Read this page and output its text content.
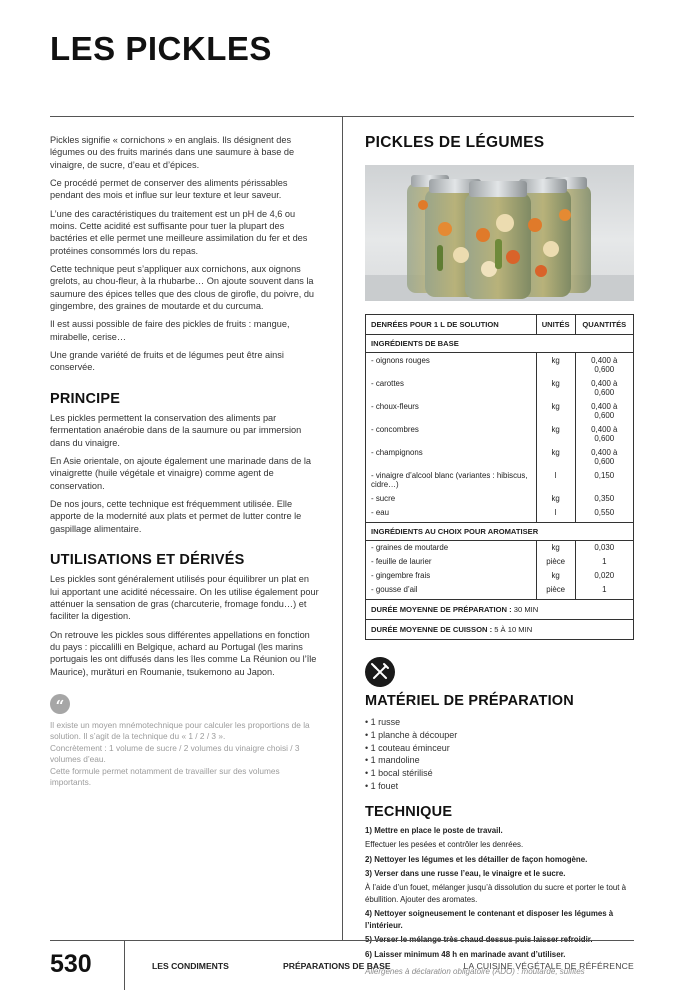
LES PICKLES

Pickles signifie « cornichons » en anglais. Ils désignent des légumes ou des fruits marinés dans une saumure à base de vinaigre, de sucre, d’eau et d’épices.

Ce procédé permet de conserver des aliments périssables pendant des mois et influe sur leur texture et leur saveur.

L’une des caractéristiques du traitement est un pH de 4,6 ou moins. Cette acidité est suffisante pour tuer la plupart des bactéries et elle permet une meilleure assimilation du fer et des protéines consommés lors du repas.

Cette technique peut s’appliquer aux cornichons, aux oignons grelots, au chou-fleur, à la rhubarbe… On ajoute souvent dans la saumure des épices telles que des clous de girofle, du poivre, du gingembre, des graines de moutarde et du curcuma.

Il est aussi possible de faire des pickles de fruits : mangue, mirabelle, cerise…

Une grande variété de fruits et de légumes peut être ainsi conservée.

PRINCIPE

Les pickles permettent la conservation des aliments par fermentation anaérobie dans de la saumure ou par immersion dans du vinaigre.

En Asie orientale, on ajoute également une marinade dans de la vinaigrette (huile végétale et vinaigre) comme agent de conservation.

De nos jours, cette technique est fréquemment utilisée. Elle apporte de la modernité aux plats et permet de lutter contre le gaspillage alimentaire.

UTILISATIONS ET DÉRIVÉS

Les pickles sont généralement utilisés pour équilibrer un plat en lui apportant une acidité nécessaire. On les utilise également pour atténuer la sensation de gras (charcuterie, fromage fondu…) et faciliter la digestion.

On retrouve les pickles sous différentes appellations en fonction du pays : piccalilli en Belgique, achard au Portugal (les marins portugais les ont diffusés dans les îles comme La Réunion ou l’île Maurice), murături en Roumanie, tsukemono au Japon.

“
Il existe un moyen mnémotechnique pour calculer les proportions de la solution. Il s’agit de la technique du « 1 / 2 / 3 ».
Concrètement : 1 volume de sucre / 2 volumes du vinaigre choisi / 3 volumes d’eau.
Cette formule permet notamment de travailler sur des volumes importants.
PICKLES DE LÉGUMES
DENRÉES POUR 1 L DE SOLUTION	UNITÉS	QUANTITÉS
INGRÉDIENTS DE BASE		
- oignons rouges	kg	0,400 à 0,600
- carottes	kg	0,400 à 0,600
- choux-fleurs	kg	0,400 à 0,600
- concombres	kg	0,400 à 0,600
- champignons	kg	0,400 à 0,600
- vinaigre d’alcool blanc (variantes : hibiscus, cidre…)	l	0,150
- sucre	kg	0,350
- eau	l	0,550
INGRÉDIENTS AU CHOIX POUR AROMATISER		
- graines de moutarde	kg	0,030
- feuille de laurier	pièce	1
- gingembre frais	kg	0,020
- gousse d’ail	pièce	1
DURÉE MOYENNE DE PRÉPARATION : 30 MIN		
DURÉE MOYENNE DE CUISSON : 5 À 10 MIN		
MATÉRIEL DE PRÉPARATION
• 1 russe
• 1 planche à découper
• 1 couteau éminceur
• 1 mandoline
• 1 bocal stérilisé
• 1 fouet
TECHNIQUE

1) Mettre en place le poste de travail.

Effectuer les pesées et contrôler les denrées.

2) Nettoyer les légumes et les détailler de façon homogène.

3) Verser dans une russe l’eau, le vinaigre et le sucre.

À l’aide d’un fouet, mélanger jusqu’à dissolution du sucre et porter le tout à ébullition. Ajouter des aromates.

4) Nettoyer soigneusement le contenant et disposer les légumes à l’intérieur.

6) Laisser minimum 48 h en marinade avant d’utiliser.

Allergènes à déclaration obligatoire (ADO) : moutarde, sulfites
530	LES CONDIMENTS	PRÉPARATIONS DE BASE	LA CUISINE VÉGÉTALE DE RÉFÉRENCE
